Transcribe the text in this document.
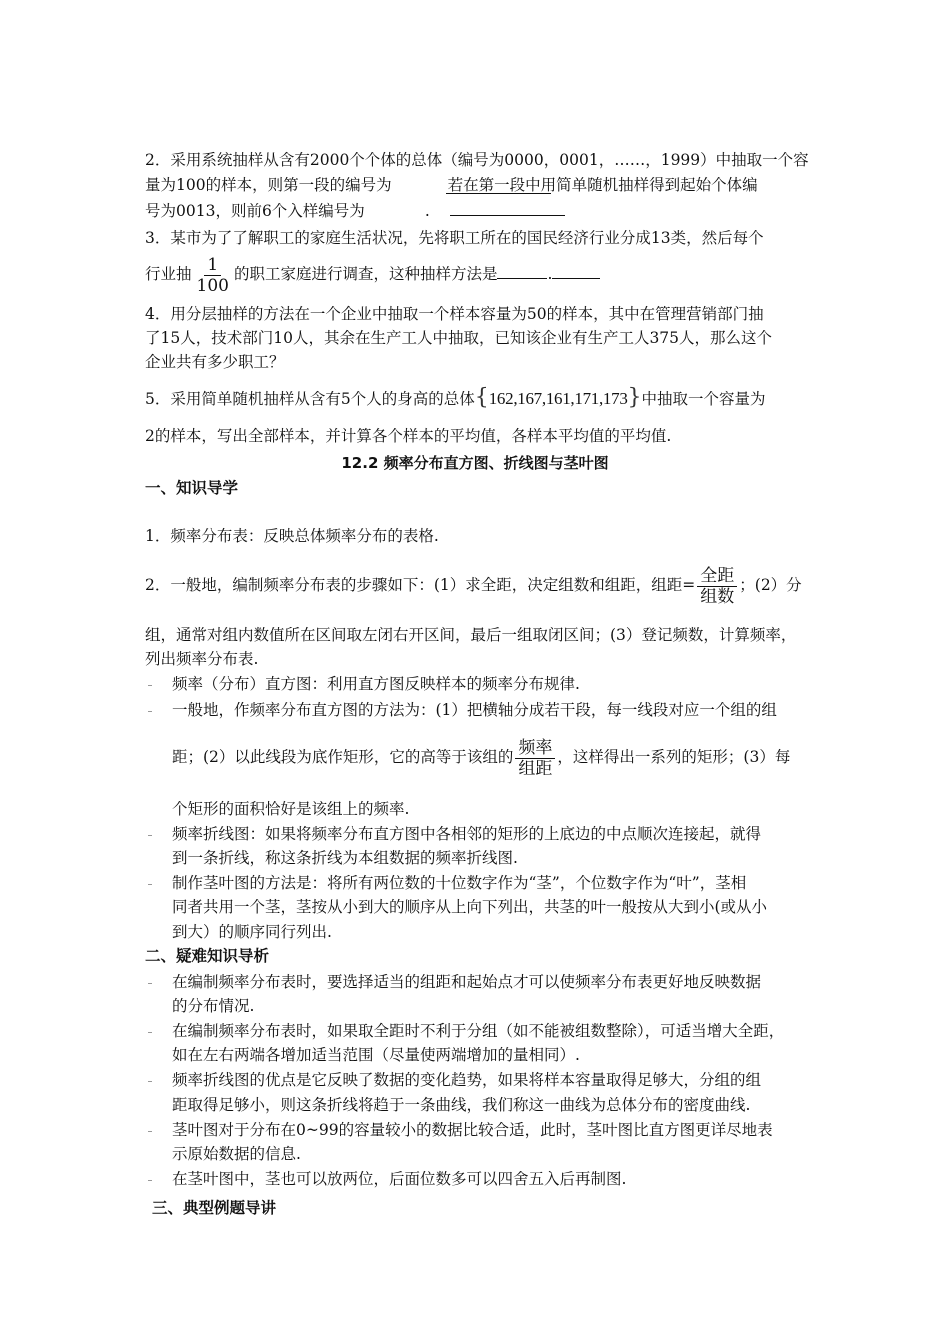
2．采用系统抽样从含有2000个个体的总体（编号为0000，0001，……，1999）中抽取一个容
量为100的样本，则第一段的编号为	若在第一段中用简单随机抽样得到起始个体编
号为0013，则前6个入样编号为	.
3．某市为了了解职工的家庭生活状况，先将职工所在的国民经济行业分成13类，然后每个
行业抽 $\frac{1}{100}$ 的职工家庭进行调查，这种抽样方法是	.
4．用分层抽样的方法在一个企业中抽取一个样本容量为50的样本，其中在管理营销部门抽
了15人，技术部门10人，其余在生产工人中抽取，已知该企业有生产工人375人，那么这个
企业共有多少职工？
5．采用简单随机抽样从含有5个人的身高的总体{162,167,161,171,173}中抽取一个容量为
2的样本，写出全部样本，并计算各个样本的平均值，各样本平均值的平均值.
12.2 频率分布直方图、折线图与茎叶图
一、知识导学
1．频率分布表：反映总体频率分布的表格.
2．一般地，编制频率分布表的步骤如下：(1）求全距，决定组数和组距，组距= $\frac{\text{全距}}{\text{组数}}$ ；(2）分
组，通常对组内数值所在区间取左闭右开区间，最后一组取闭区间；(3）登记频数，计算频率，
列出频率分布表.
频率（分布）直方图：利用直方图反映样本的频率分布规律.
一般地，作频率分布直方图的方法为：(1）把横轴分成若干段，每一线段对应一个组的组
距；(2）以此线段为底作矩形，它的高等于该组的 $\frac{\text{频率}}{\text{组距}}$ ，这样得出一系列的矩形；(3）每
个矩形的面积恰好是该组上的频率.
频率折线图：如果将频率分布直方图中各相邻的矩形的上底边的中点顺次连接起，就得
到一条折线，称这条折线为本组数据的频率折线图.
制作茎叶图的方法是：将所有两位数的十位数字作为“茎”，个位数字作为“叶”，茎相
同者共用一个茎，茎按从小到大的顺序从上向下列出，共茎的叶一般按从大到小(或从小
到大）的顺序同行列出.
二、疑难知识导析
在编制频率分布表时，要选择适当的组距和起始点才可以使频率分布表更好地反映数据
的分布情况.
在编制频率分布表时，如果取全距时不利于分组（如不能被组数整除），可适当增大全距，
如在左右两端各增加适当范围（尽量使两端增加的量相同）.
频率折线图的优点是它反映了数据的变化趋势，如果将样本容量取得足够大，分组的组
距取得足够小，则这条折线将趋于一条曲线，我们称这一曲线为总体分布的密度曲线.
茎叶图对于分布在0~99的容量较小的数据比较合适，此时，茎叶图比直方图更详尽地表
示原始数据的信息.
在茎叶图中，茎也可以放两位，后面位数多可以四舍五入后再制图.
三、典型例题导讲
